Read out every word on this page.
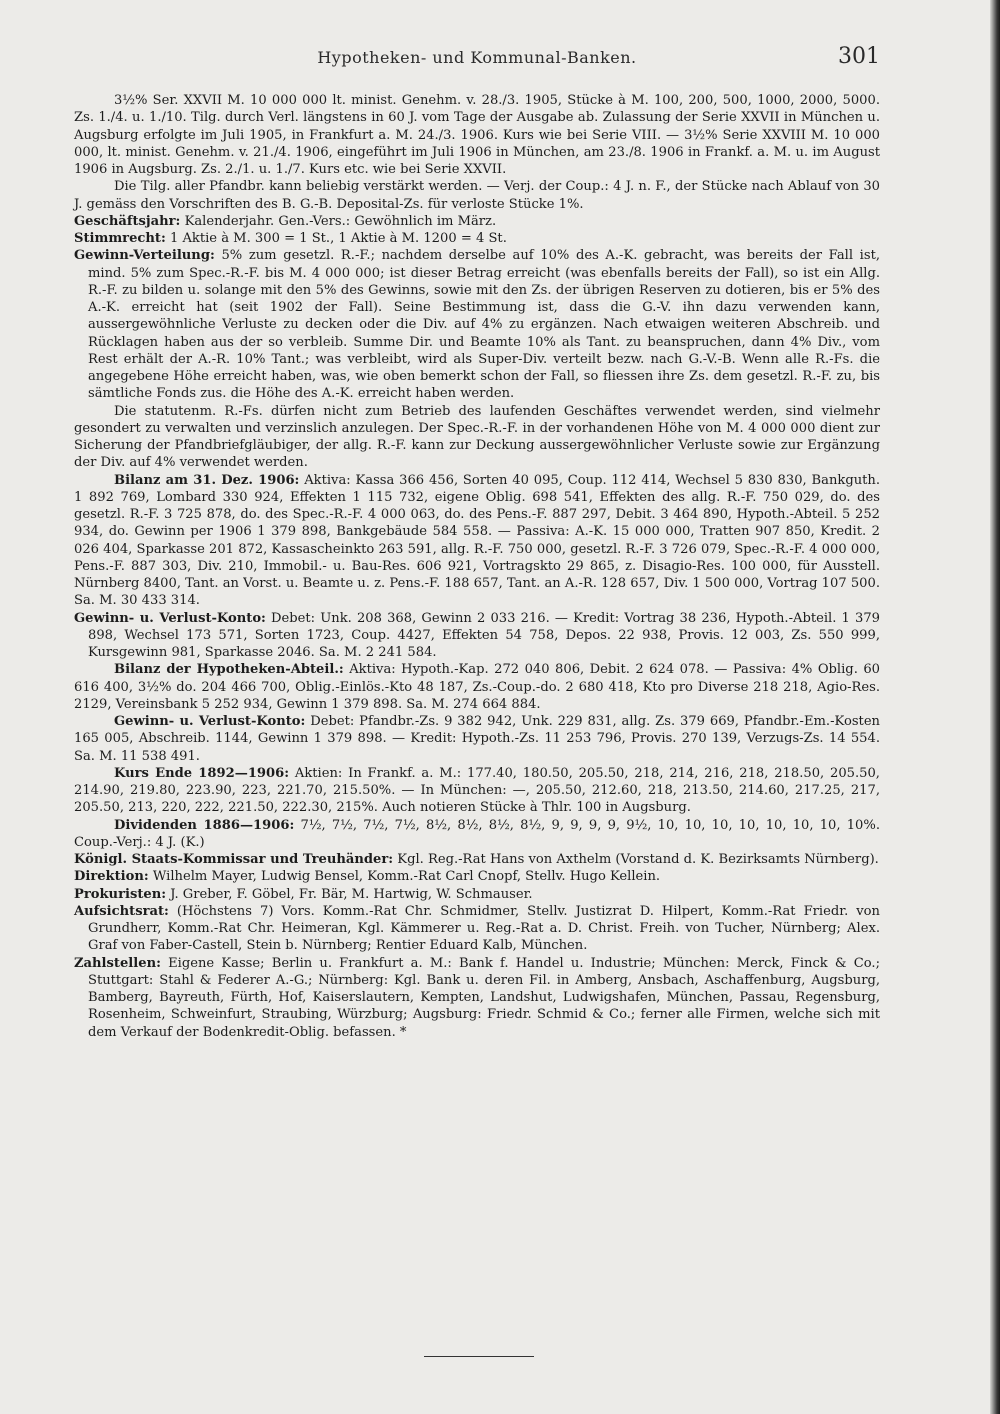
Hypotheken- und Kommunal-Banken.	301

3½% Ser. XXVII M. 10 000 000 lt. minist. Genehm. v. 28./3. 1905, Stücke à M. 100, 200, 500, 1000, 2000, 5000. Zs. 1./4. u. 1./10. Tilg. durch Verl. längstens in 60 J. vom Tage der Ausgabe ab. Zulassung der Serie XXVII in München u. Augsburg erfolgte im Juli 1905, in Frankfurt a. M. 24./3. 1906. Kurs wie bei Serie VIII. — 3½% Serie XXVIII M. 10 000 000, lt. minist. Genehm. v. 21./4. 1906, eingeführt im Juli 1906 in München, am 23./8. 1906 in Frankf. a. M. u. im August 1906 in Augsburg. Zs. 2./1. u. 1./7. Kurs etc. wie bei Serie XXVII.

Die Tilg. aller Pfandbr. kann beliebig verstärkt werden. — Verj. der Coup.: 4 J. n. F., der Stücke nach Ablauf von 30 J. gemäss den Vorschriften des B. G.-B. Deposital-Zs. für verloste Stücke 1%.

Geschäftsjahr: Kalenderjahr. Gen.-Vers.: Gewöhnlich im März.

Stimmrecht: 1 Aktie à M. 300 = 1 St., 1 Aktie à M. 1200 = 4 St.

Gewinn-Verteilung: 5% zum gesetzl. R.-F.; nachdem derselbe auf 10% des A.-K. gebracht, was bereits der Fall ist, mind. 5% zum Spec.-R.-F. bis M. 4 000 000; ist dieser Betrag erreicht (was ebenfalls bereits der Fall), so ist ein Allg. R.-F. zu bilden u. solange mit den 5% des Gewinns, sowie mit den Zs. der übrigen Reserven zu dotieren, bis er 5% des A.-K. erreicht hat (seit 1902 der Fall). Seine Bestimmung ist, dass die G.-V. ihn dazu verwenden kann, aussergewöhnliche Verluste zu decken oder die Div. auf 4% zu ergänzen. Nach etwaigen weiteren Abschreib. und Rücklagen haben aus der so verbleib. Summe Dir. und Beamte 10% als Tant. zu beanspruchen, dann 4% Div., vom Rest erhält der A.-R. 10% Tant.; was verbleibt, wird als Super-Div. verteilt bezw. nach G.-V.-B. Wenn alle R.-Fs. die angegebene Höhe erreicht haben, was, wie oben bemerkt schon der Fall, so fliessen ihre Zs. dem gesetzl. R.-F. zu, bis sämtliche Fonds zus. die Höhe des A.-K. erreicht haben werden.

Die statutenm. R.-Fs. dürfen nicht zum Betrieb des laufenden Geschäftes verwendet werden, sind vielmehr gesondert zu verwalten und verzinslich anzulegen. Der Spec.-R.-F. in der vorhandenen Höhe von M. 4 000 000 dient zur Sicherung der Pfandbriefgläubiger, der allg. R.-F. kann zur Deckung aussergewöhnlicher Verluste sowie zur Ergänzung der Div. auf 4% verwendet werden.

Bilanz am 31. Dez. 1906: Aktiva: Kassa 366 456, Sorten 40 095, Coup. 112 414, Wechsel 5 830 830, Bankguth. 1 892 769, Lombard 330 924, Effekten 1 115 732, eigene Oblig. 698 541, Effekten des allg. R.-F. 750 029, do. des gesetzl. R.-F. 3 725 878, do. des Spec.-R.-F. 4 000 063, do. des Pens.-F. 887 297, Debit. 3 464 890, Hypoth.-Abteil. 5 252 934, do. Gewinn per 1906 1 379 898, Bankgebäude 584 558. — Passiva: A.-K. 15 000 000, Tratten 907 850, Kredit. 2 026 404, Sparkasse 201 872, Kassascheinkto 263 591, allg. R.-F. 750 000, gesetzl. R.-F. 3 726 079, Spec.-R.-F. 4 000 000, Pens.-F. 887 303, Div. 210, Immobil.- u. Bau-Res. 606 921, Vortragskto 29 865, z. Disagio-Res. 100 000, für Ausstell. Nürnberg 8400, Tant. an Vorst. u. Beamte u. z. Pens.-F. 188 657, Tant. an A.-R. 128 657, Div. 1 500 000, Vortrag 107 500. Sa. M. 30 433 314.

Gewinn- u. Verlust-Konto: Debet: Unk. 208 368, Gewinn 2 033 216. — Kredit: Vortrag 38 236, Hypoth.-Abteil. 1 379 898, Wechsel 173 571, Sorten 1723, Coup. 4427, Effekten 54 758, Depos. 22 938, Provis. 12 003, Zs. 550 999, Kursgewinn 981, Sparkasse 2046. Sa. M. 2 241 584.

Bilanz der Hypotheken-Abteil.: Aktiva: Hypoth.-Kap. 272 040 806, Debit. 2 624 078. — Passiva: 4% Oblig. 60 616 400, 3½% do. 204 466 700, Oblig.-Einlös.-Kto 48 187, Zs.-Coup.-do. 2 680 418, Kto pro Diverse 218 218, Agio-Res. 2129, Vereinsbank 5 252 934, Gewinn 1 379 898. Sa. M. 274 664 884.

Gewinn- u. Verlust-Konto: Debet: Pfandbr.-Zs. 9 382 942, Unk. 229 831, allg. Zs. 379 669, Pfandbr.-Em.-Kosten 165 005, Abschreib. 1144, Gewinn 1 379 898. — Kredit: Hypoth.-Zs. 11 253 796, Provis. 270 139, Verzugs-Zs. 14 554. Sa. M. 11 538 491.

Kurs Ende 1892—1906: Aktien: In Frankf. a. M.: 177.40, 180.50, 205.50, 218, 214, 216, 218, 218.50, 205.50, 214.90, 219.80, 223.90, 223, 221.70, 215.50%. — In München: —, 205.50, 212.60, 218, 213.50, 214.60, 217.25, 217, 205.50, 213, 220, 222, 221.50, 222.30, 215%. Auch notieren Stücke à Thlr. 100 in Augsburg.

Dividenden 1886—1906: 7½, 7½, 7½, 7½, 8½, 8½, 8½, 8½, 9, 9, 9, 9, 9½, 10, 10, 10, 10, 10, 10, 10, 10%. Coup.-Verj.: 4 J. (K.)

Königl. Staats-Kommissar und Treuhänder: Kgl. Reg.-Rat Hans von Axthelm (Vorstand d. K. Bezirksamts Nürnberg).

Direktion: Wilhelm Mayer, Ludwig Bensel, Komm.-Rat Carl Cnopf, Stellv. Hugo Kellein.

Prokuristen: J. Greber, F. Göbel, Fr. Bär, M. Hartwig, W. Schmauser.

Aufsichtsrat: (Höchstens 7) Vors. Komm.-Rat Chr. Schmidmer, Stellv. Justizrat D. Hilpert, Komm.-Rat Friedr. von Grundherr, Komm.-Rat Chr. Heimeran, Kgl. Kämmerer u. Reg.-Rat a. D. Christ. Freih. von Tucher, Nürnberg; Alex. Graf von Faber-Castell, Stein b. Nürnberg; Rentier Eduard Kalb, München.

Zahlstellen: Eigene Kasse; Berlin u. Frankfurt a. M.: Bank f. Handel u. Industrie; München: Merck, Finck & Co.; Stuttgart: Stahl & Federer A.-G.; Nürnberg: Kgl. Bank u. deren Fil. in Amberg, Ansbach, Aschaffenburg, Augsburg, Bamberg, Bayreuth, Fürth, Hof, Kaiserslautern, Kempten, Landshut, Ludwigshafen, München, Passau, Regensburg, Rosenheim, Schweinfurt, Straubing, Würzburg; Augsburg: Friedr. Schmid & Co.; ferner alle Firmen, welche sich mit dem Verkauf der Bodenkredit-Oblig. befassen. *
